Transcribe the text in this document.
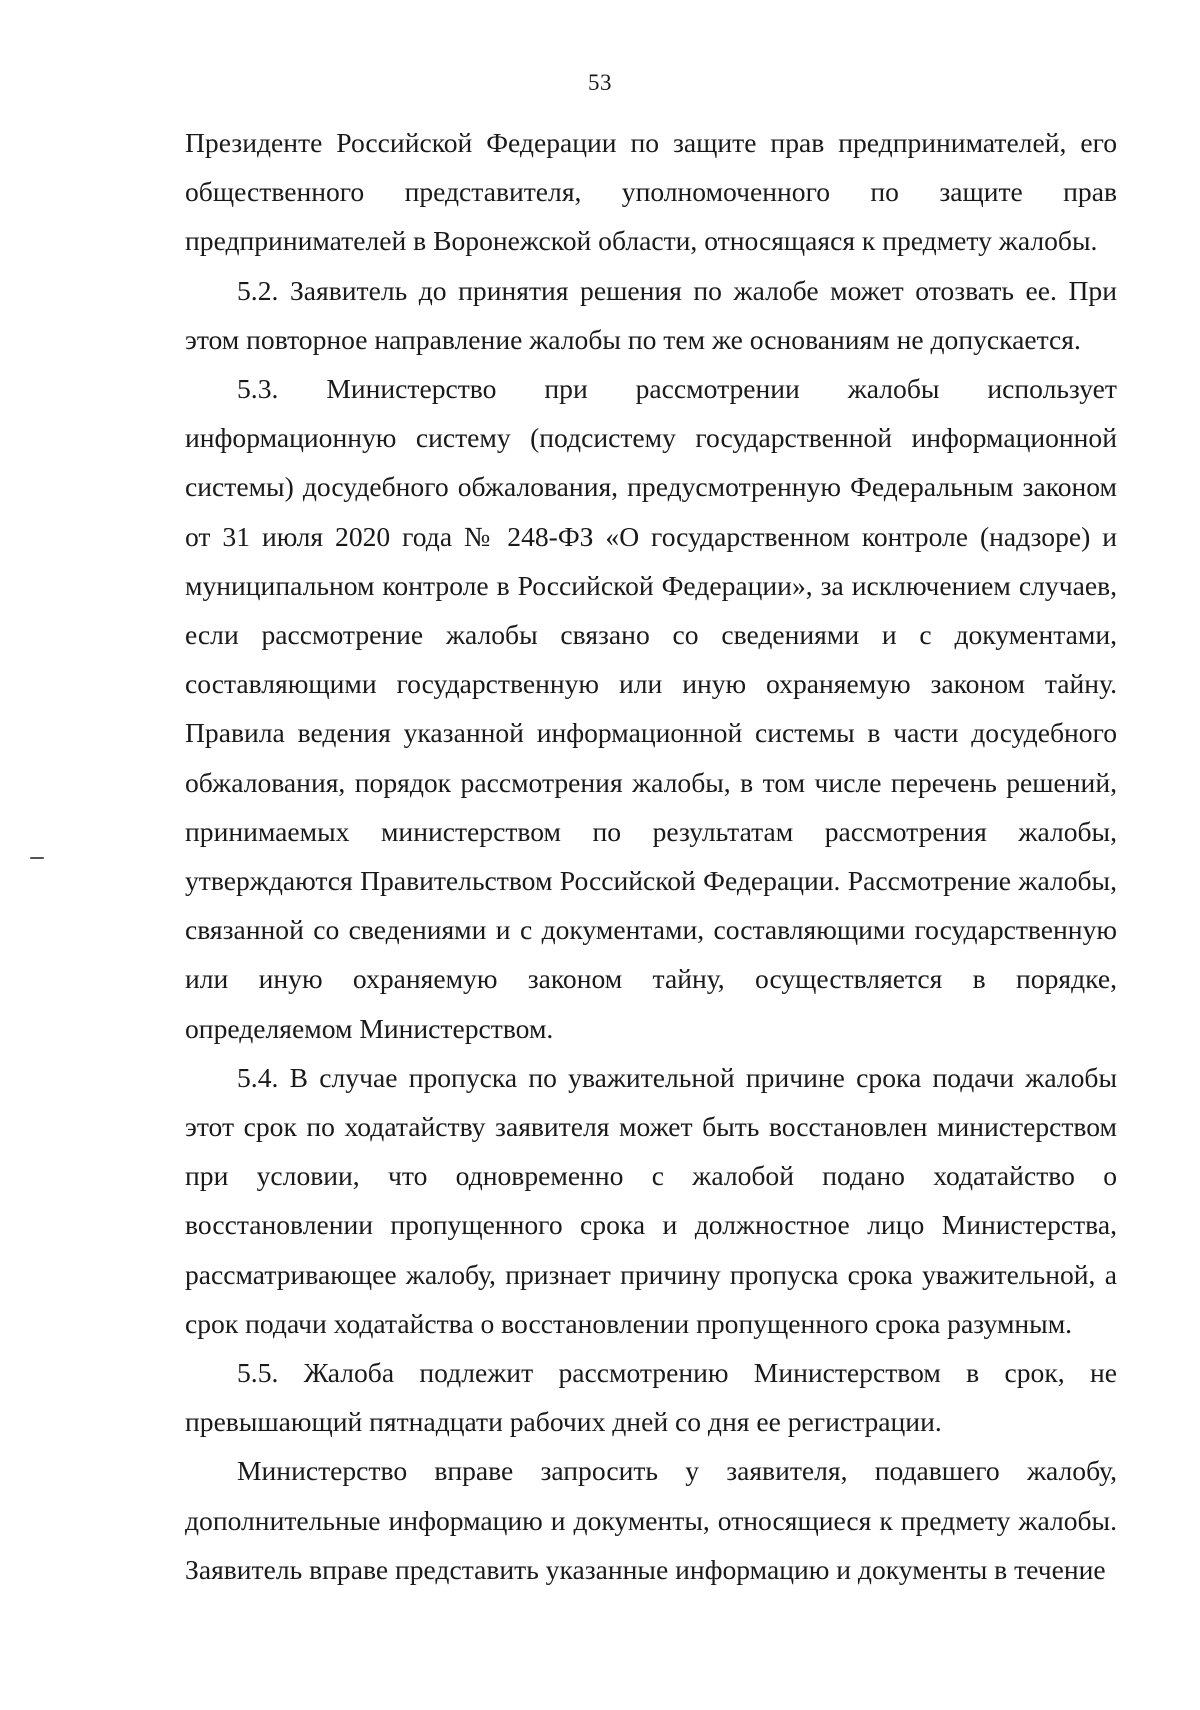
53

Президенте Российской Федерации по защите прав предпринимателей, его общественного представителя, уполномоченного по защите прав предпринимателей в Воронежской области, относящаяся к предмету жалобы.

5.2. Заявитель до принятия решения по жалобе может отозвать ее. При этом повторное направление жалобы по тем же основаниям не допускается.

5.3. Министерство при рассмотрении жалобы использует информационную систему (подсистему государственной информационной системы) досудебного обжалования, предусмотренную Федеральным законом от 31 июля 2020 года № 248-ФЗ «О государственном контроле (надзоре) и муниципальном контроле в Российской Федерации», за исключением случаев, если рассмотрение жалобы связано со сведениями и с документами, составляющими государственную или иную охраняемую законом тайну. Правила ведения указанной информационной системы в части досудебного обжалования, порядок рассмотрения жалобы, в том числе перечень решений, принимаемых министерством по результатам рассмотрения жалобы, утверждаются Правительством Российской Федерации. Рассмотрение жалобы, связанной со сведениями и с документами, составляющими государственную или иную охраняемую законом тайну, осуществляется в порядке, определяемом Министерством.

5.4. В случае пропуска по уважительной причине срока подачи жалобы этот срок по ходатайству заявителя может быть восстановлен министерством при условии, что одновременно с жалобой подано ходатайство о восстановлении пропущенного срока и должностное лицо Министерства, рассматривающее жалобу, признает причину пропуска срока уважительной, а срок подачи ходатайства о восстановлении пропущенного срока разумным.

5.5. Жалоба подлежит рассмотрению Министерством в срок, не превышающий пятнадцати рабочих дней со дня ее регистрации.

Министерство вправе запросить у заявителя, подавшего жалобу, дополнительные информацию и документы, относящиеся к предмету жалобы. Заявитель вправе представить указанные информацию и документы в течение
